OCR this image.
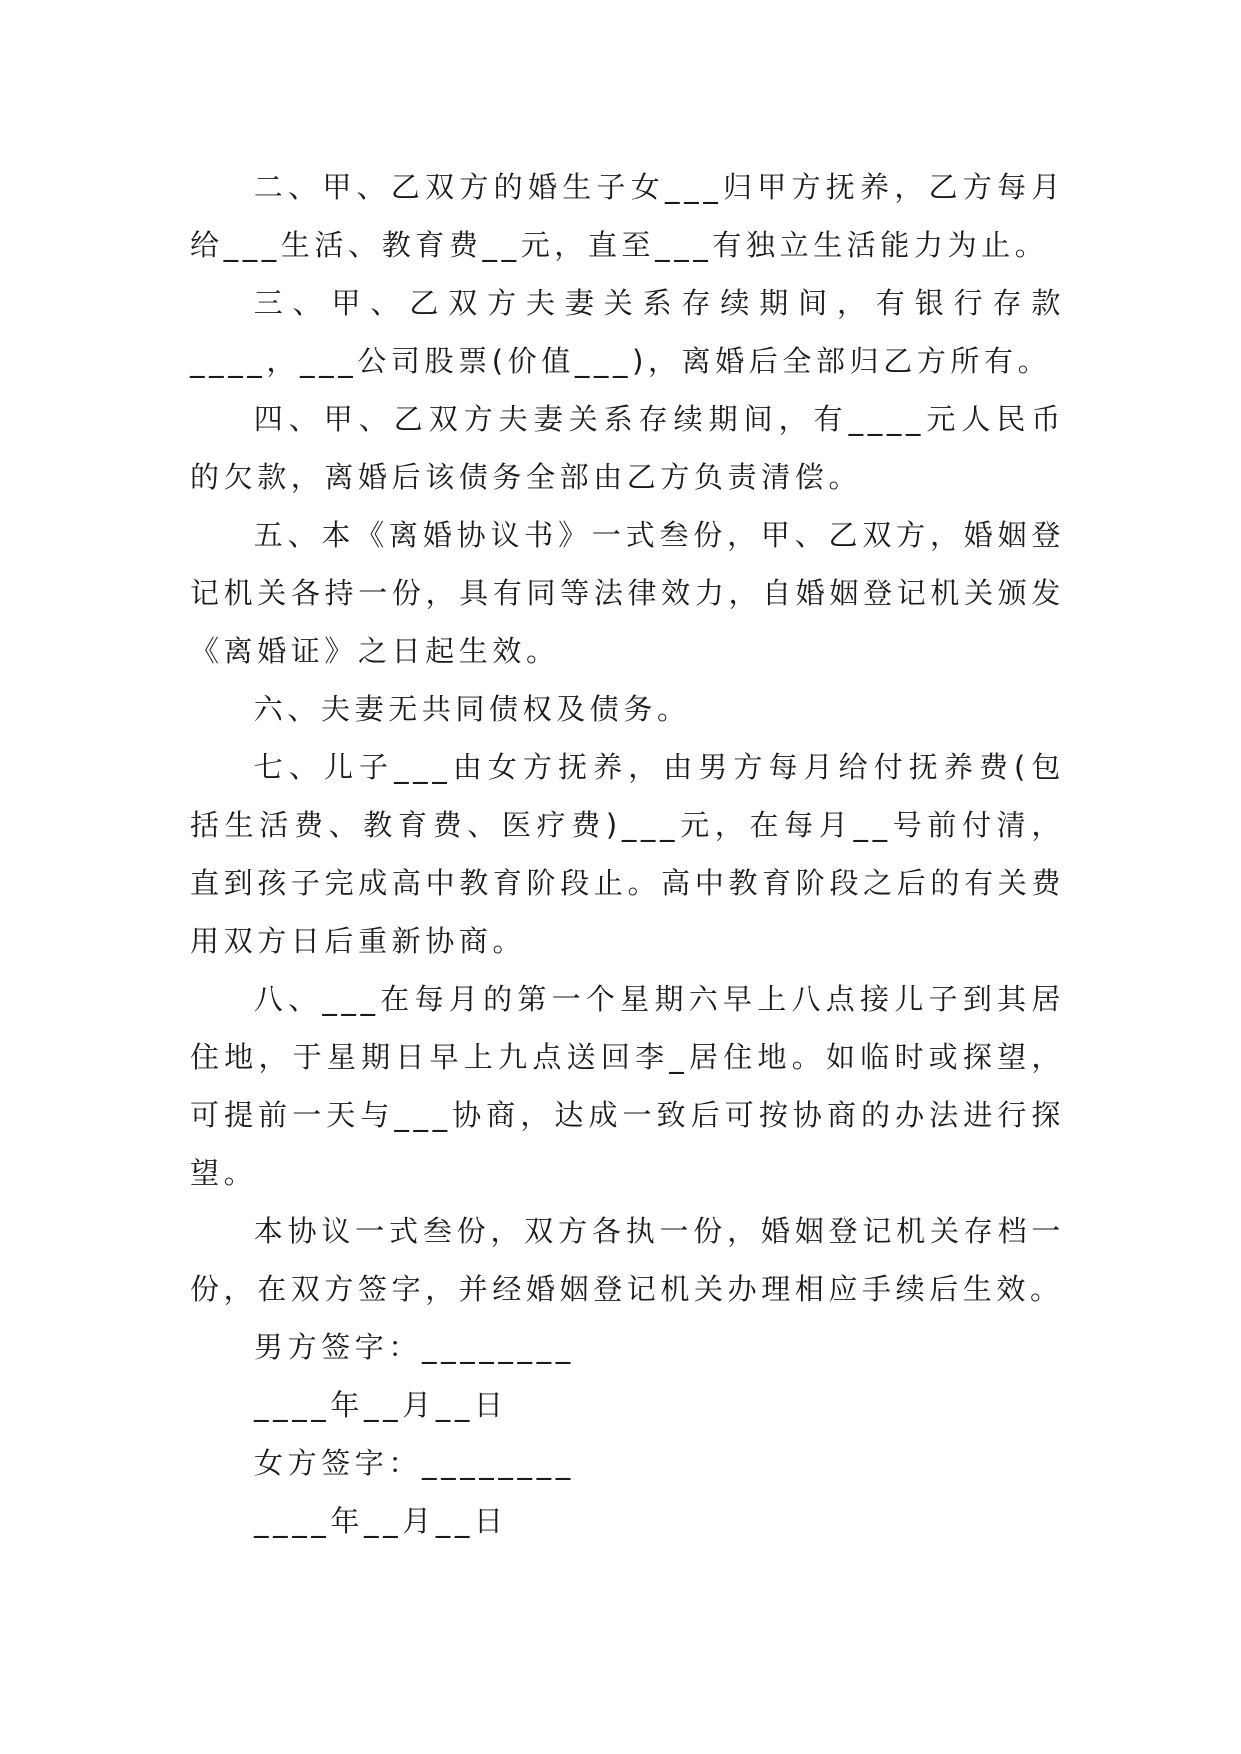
二、甲、乙双方的婚生子女___归甲方抚养，乙方每月给___生活、教育费__元，直至___有独立生活能力为止。

三、甲、乙双方夫妻关系存续期间，有银行存款____，___公司股票(价值___)，离婚后全部归乙方所有。

四、甲、乙双方夫妻关系存续期间，有____元人民币的欠款，离婚后该债务全部由乙方负责清偿。

五、本《离婚协议书》一式叁份，甲、乙双方，婚姻登记机关各持一份，具有同等法律效力，自婚姻登记机关颁发《离婚证》之日起生效。

六、夫妻无共同债权及债务。

七、儿子___由女方抚养，由男方每月给付抚养费(包括生活费、教育费、医疗费)___元，在每月__号前付清，直到孩子完成高中教育阶段止。高中教育阶段之后的有关费用双方日后重新协商。

八、___在每月的第一个星期六早上八点接儿子到其居住地，于星期日早上九点送回李_居住地。如临时或探望，可提前一天与___协商，达成一致后可按协商的办法进行探望。

本协议一式叁份，双方各执一份，婚姻登记机关存档一份，在双方签字，并经婚姻登记机关办理相应手续后生效。

男方签字：________

____年__月__日

女方签字：________

____年__月__日
